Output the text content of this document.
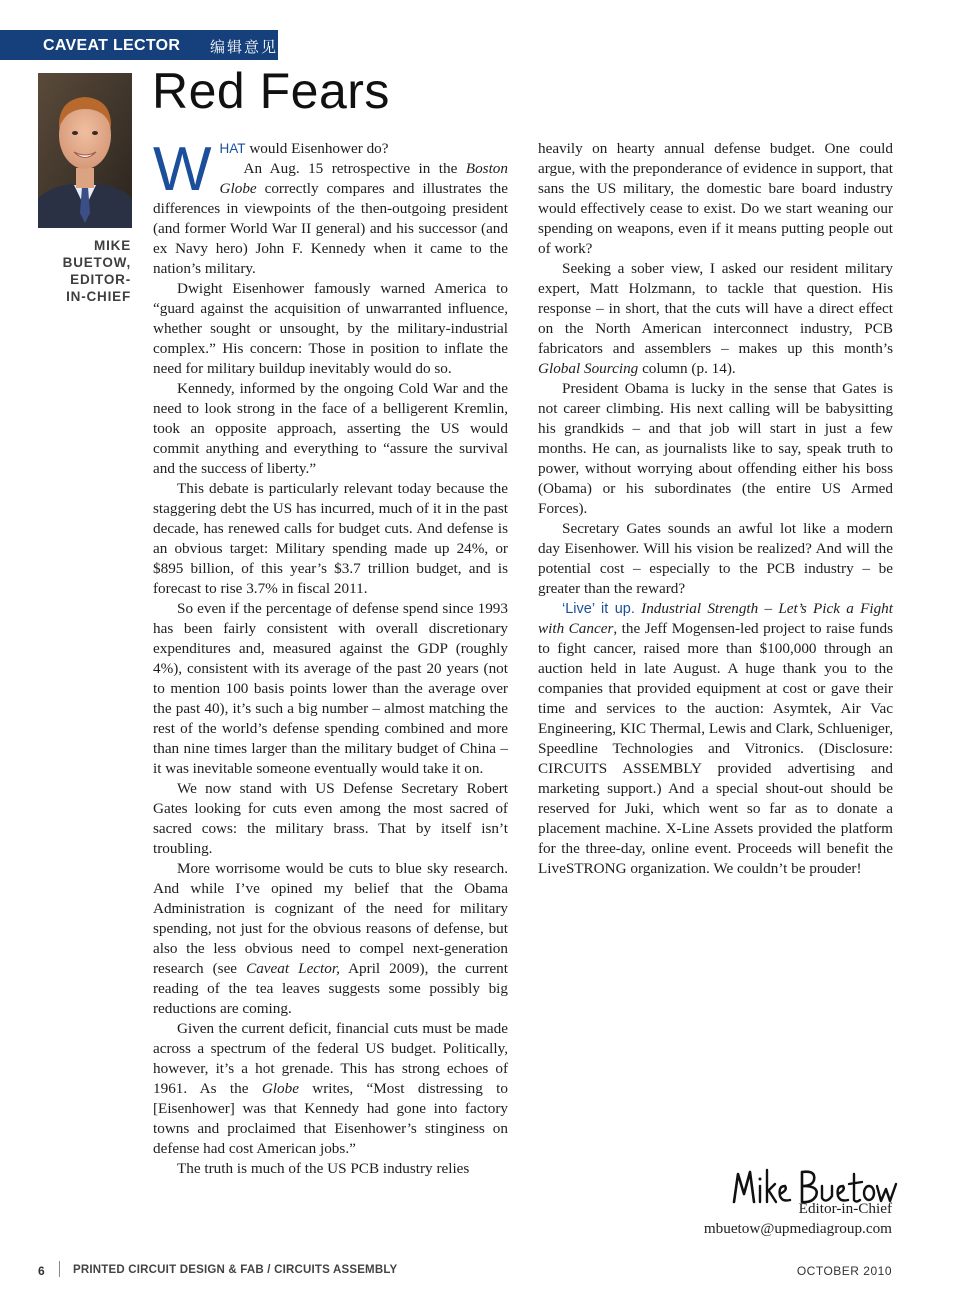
CAVEAT LECTOR 编辑意见
Red Fears
MIKE
BUETOW,
EDITOR-
IN-CHIEF

WHAT would Eisenhower do?

An Aug. 15 retrospective in the Boston Globe correctly compares and illustrates the differences in viewpoints of the then-outgoing president (and former World War II general) and his successor (and ex Navy hero) John F. Kennedy when it came to the nation’s military.

Dwight Eisenhower famously warned America to “guard against the acquisition of unwarranted influence, whether sought or unsought, by the military-industrial complex.” His concern: Those in position to inflate the need for military buildup inevitably would do so.

Kennedy, informed by the ongoing Cold War and the need to look strong in the face of a belligerent Kremlin, took an opposite approach, asserting the US would commit anything and everything to “assure the survival and the success of liberty.”

This debate is particularly relevant today because the staggering debt the US has incurred, much of it in the past decade, has renewed calls for budget cuts. And defense is an obvious target: Military spending made up 24%, or $895 billion, of this year’s $3.7 trillion budget, and is forecast to rise 3.7% in fiscal 2011.

So even if the percentage of defense spend since 1993 has been fairly consistent with overall discretionary expenditures and, measured against the GDP (roughly 4%), consistent with its average of the past 20 years (not to mention 100 basis points lower than the average over the past 40), it’s such a big number – almost matching the rest of the world’s defense spending combined and more than nine times larger than the military budget of China – it was inevitable someone eventually would take it on.

We now stand with US Defense Secretary Robert Gates looking for cuts even among the most sacred of sacred cows: the military brass. That by itself isn’t troubling.

More worrisome would be cuts to blue sky research. And while I’ve opined my belief that the Obama Administration is cognizant of the need for military spending, not just for the obvious reasons of defense, but also the less obvious need to compel next-generation research (see Caveat Lector, April 2009), the current reading of the tea leaves suggests some possibly big reductions are coming.

Given the current deficit, financial cuts must be made across a spectrum of the federal US budget. Politically, however, it’s a hot grenade. This has strong echoes of 1961. As the Globe writes, “Most distressing to [Eisenhower] was that Kennedy had gone into factory towns and proclaimed that Eisenhower’s stinginess on defense had cost American jobs.”

The truth is much of the US PCB industry relies

heavily on hearty annual defense budget. One could argue, with the preponderance of evidence in support, that sans the US military, the domestic bare board industry would effectively cease to exist. Do we start weaning our spending on weapons, even if it means putting people out of work?

Seeking a sober view, I asked our resident military expert, Matt Holzmann, to tackle that question. His response – in short, that the cuts will have a direct effect on the North American interconnect industry, PCB fabricators and assemblers – makes up this month’s Global Sourcing column (p. 14).

President Obama is lucky in the sense that Gates is not career climbing. His next calling will be babysitting his grandkids – and that job will start in just a few months. He can, as journalists like to say, speak truth to power, without worrying about offending either his boss (Obama) or his subordinates (the entire US Armed Forces).

Secretary Gates sounds an awful lot like a modern day Eisenhower. Will his vision be realized? And will the potential cost – especially to the PCB industry – be greater than the reward?

‘Live’ it up. Industrial Strength – Let’s Pick a Fight with Cancer, the Jeff Mogensen-led project to raise funds to fight cancer, raised more than $100,000 through an auction held in late August. A huge thank you to the companies that provided equipment at cost or gave their time and services to the auction: Asymtek, Air Vac Engineering, KIC Thermal, Lewis and Clark, Schlueniger, Speedline Technologies and Vitronics. (Disclosure: CIRCUITS ASSEMBLY provided advertising and marketing support.) And a special shout-out should be reserved for Juki, which went so far as to donate a placement machine. X-Line Assets provided the platform for the three-day, online event. Proceeds will benefit the LiveSTRONG organization. We couldn’t be prouder!

Editor-in-Chief
mbuetow@upmediagroup.com
6 PRINTED CIRCUIT DESIGN & FAB / CIRCUITS ASSEMBLY	OCTOBER 2010
